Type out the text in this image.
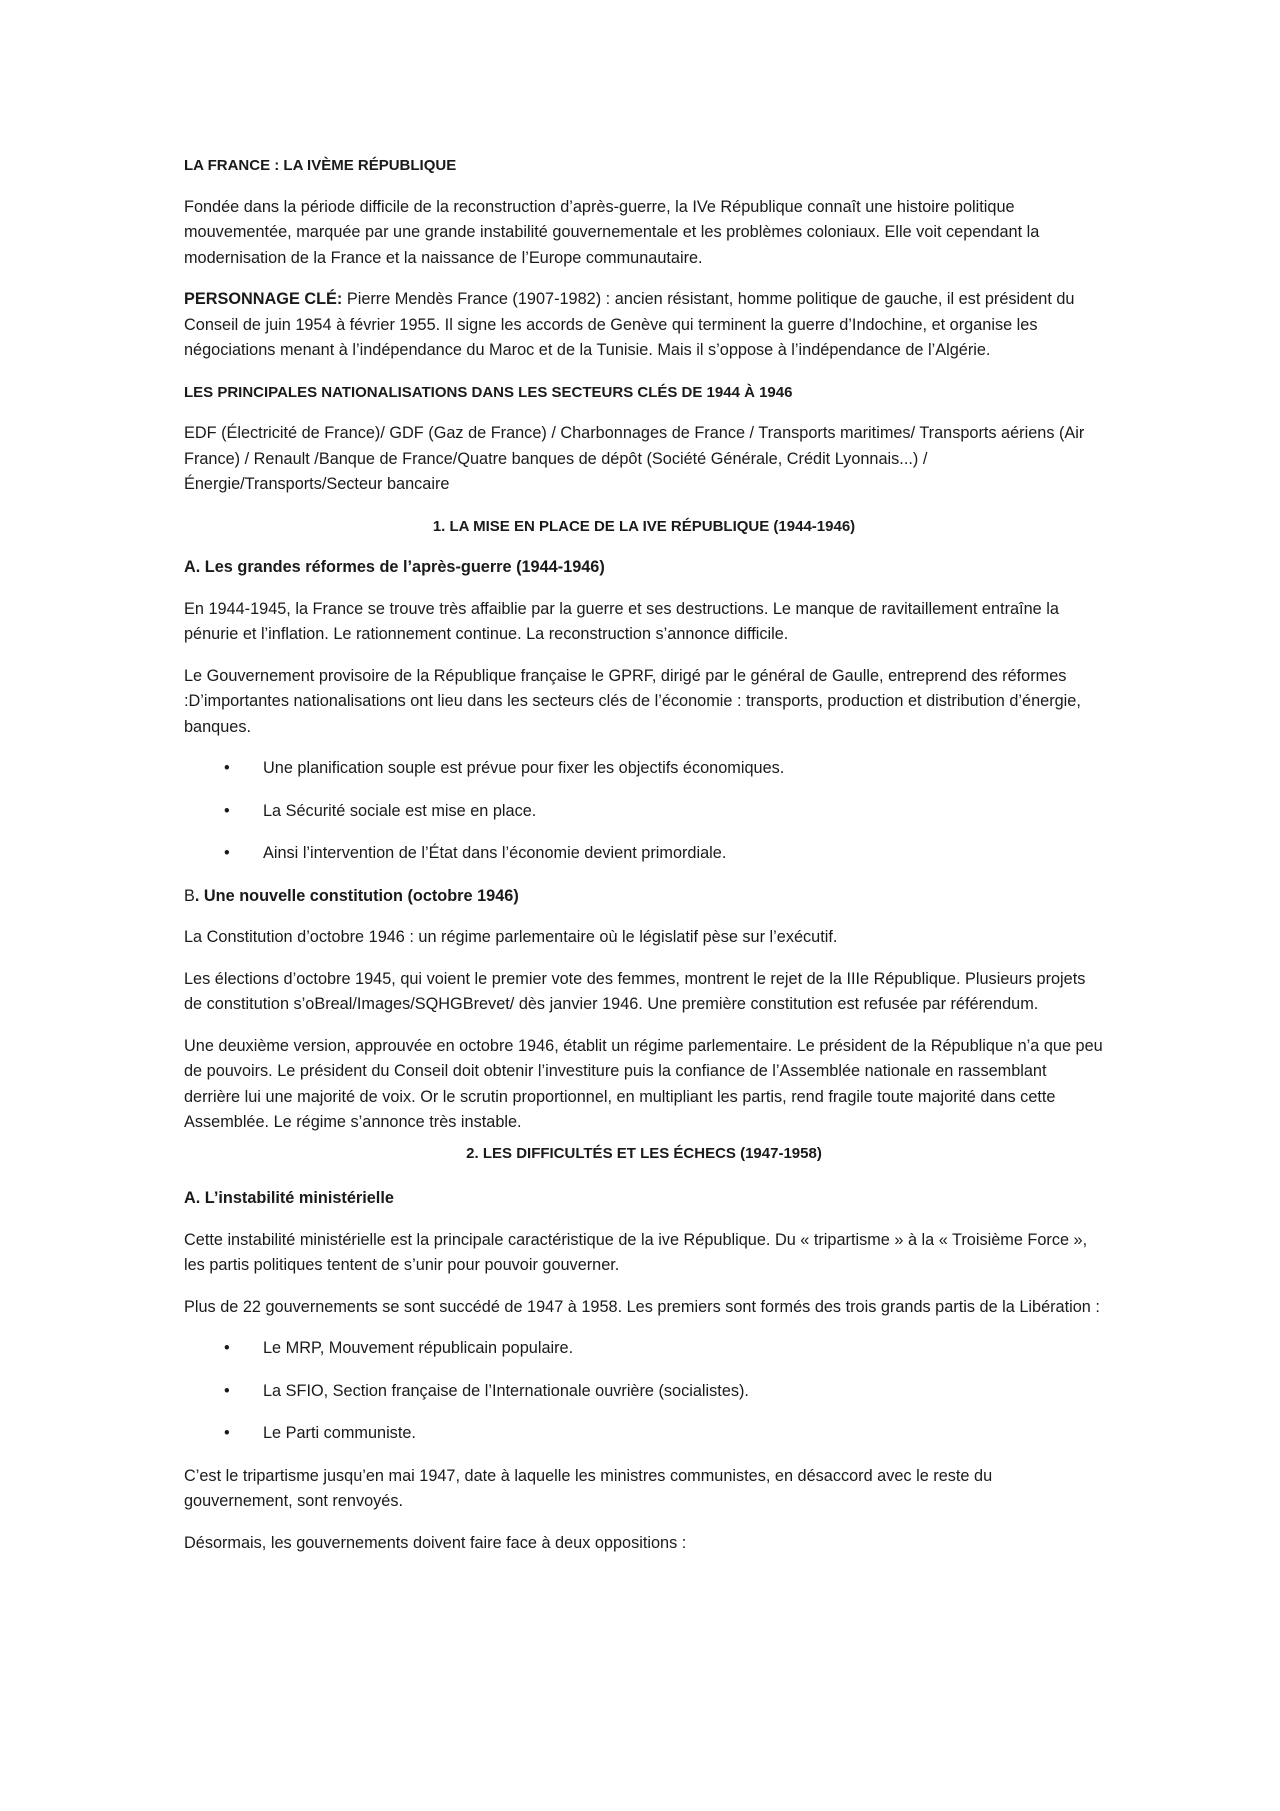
LA FRANCE : LA IVÈME RÉPUBLIQUE

Fondée dans la période difficile de la reconstruction d’après-guerre, la IVe République connaît une histoire politique mouvementée, marquée par une grande instabilité gouvernementale et les problèmes coloniaux. Elle voit cependant la modernisation de la France et la naissance de l’Europe communautaire.

PERSONNAGE CLÉ: Pierre Mendès France (1907-1982) : ancien résistant, homme politique de gauche, il est président du Conseil de juin 1954 à février 1955. Il signe les accords de Genève qui terminent la guerre d’Indochine, et organise les négociations menant à l’indépendance du Maroc et de la Tunisie. Mais il s’oppose à l’indépendance de l’Algérie.

LES PRINCIPALES NATIONALISATIONS DANS LES SECTEURS CLÉS DE 1944 À 1946

EDF (Électricité de France)/ GDF (Gaz de France) / Charbonnages de France / Transports maritimes/ Transports aériens (Air France) / Renault /Banque de France/Quatre banques de dépôt (Société Générale, Crédit Lyonnais...) /Énergie/Transports/Secteur bancaire

1. LA MISE EN PLACE DE LA IVE RÉPUBLIQUE (1944-1946)

A. Les grandes réformes de l’après-guerre (1944-1946)

En 1944-1945, la France se trouve très affaiblie par la guerre et ses destructions. Le manque de ravitaillement entraîne la pénurie et l’inflation. Le rationnement continue. La reconstruction s’annonce difficile.

Le Gouvernement provisoire de la République française le GPRF, dirigé par le général de Gaulle, entreprend des réformes :D’importantes nationalisations ont lieu dans les secteurs clés de l’économie : transports, production et distribution d’énergie, banques.

• Une planification souple est prévue pour fixer les objectifs économiques.
• La Sécurité sociale est mise en place.
• Ainsi l’intervention de l’État dans l’économie devient primordiale.

B. Une nouvelle constitution (octobre 1946)

La Constitution d’octobre 1946 : un régime parlementaire où le législatif pèse sur l’exécutif.

Les élections d’octobre 1945, qui voient le premier vote des femmes, montrent le rejet de la IIIe République. Plusieurs projets de constitution s’oBreal/Images/SQHGBrevet/ dès janvier 1946. Une première constitution est refusée par référendum.

Une deuxième version, approuvée en octobre 1946, établit un régime parlementaire. Le président de la République n’a que peu de pouvoirs. Le président du Conseil doit obtenir l’investiture puis la confiance de l’Assemblée nationale en rassemblant derrière lui une majorité de voix. Or le scrutin proportionnel, en multipliant les partis, rend fragile toute majorité dans cette Assemblée. Le régime s’annonce très instable.

2. LES DIFFICULTÉS ET LES ÉCHECS (1947-1958)

A. L’instabilité ministérielle

Cette instabilité ministérielle est la principale caractéristique de la ive République. Du « tripartisme » à la « Troisième Force », les partis politiques tentent de s’unir pour pouvoir gouverner.

Plus de 22 gouvernements se sont succédé de 1947 à 1958. Les premiers sont formés des trois grands partis de la Libération :

• Le MRP, Mouvement républicain populaire.
• La SFIO, Section française de l’Internationale ouvrière (socialistes).
• Le Parti communiste.

C’est le tripartisme jusqu’en mai 1947, date à laquelle les ministres communistes, en désaccord avec le reste du gouvernement, sont renvoyés.

Désormais, les gouvernements doivent faire face à deux oppositions :
